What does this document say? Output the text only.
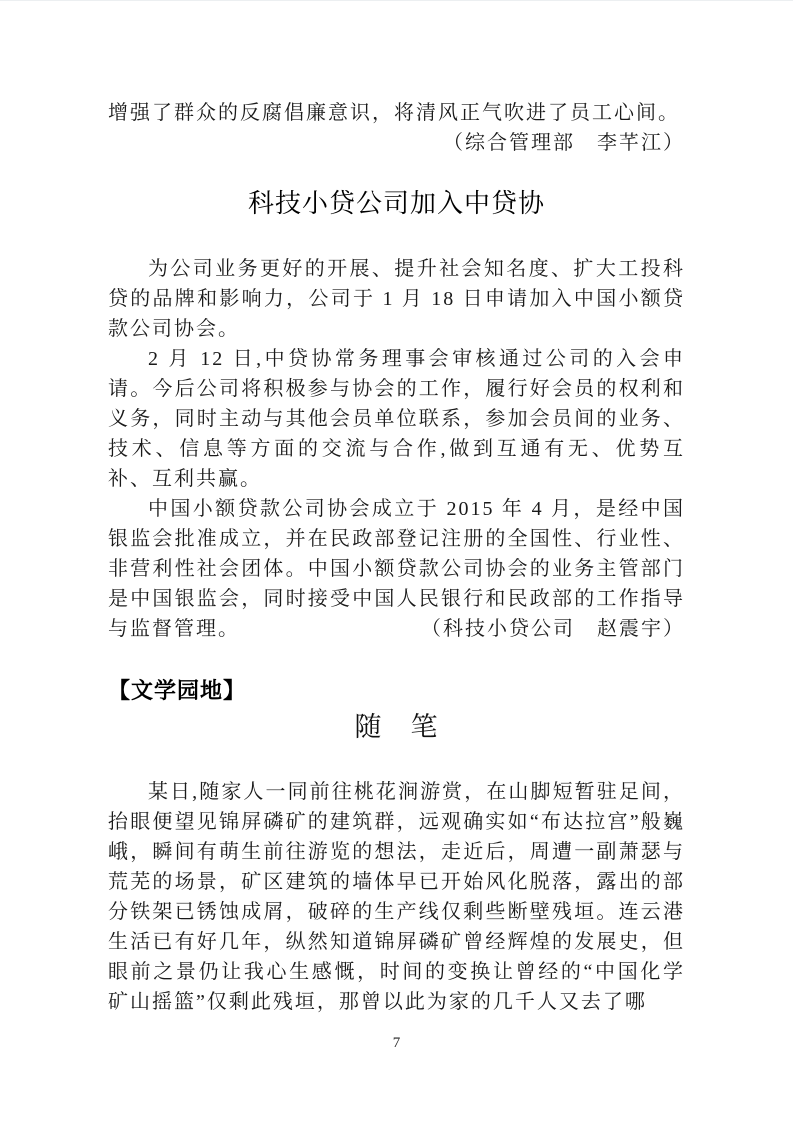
增强了群众的反腐倡廉意识，将清风正气吹进了员工心间。

（综合管理部　李芊江）

科技小贷公司加入中贷协

为公司业务更好的开展、提升社会知名度、扩大工投科贷的品牌和影响力，公司于 1 月 18 日申请加入中国小额贷款公司协会。

2 月 12 日,中贷协常务理事会审核通过公司的入会申请。今后公司将积极参与协会的工作，履行好会员的权利和义务，同时主动与其他会员单位联系，参加会员间的业务、技术、信息等方面的交流与合作,做到互通有无、优势互补、互利共赢。

中国小额贷款公司协会成立于 2015 年 4 月，是经中国银监会批准成立，并在民政部登记注册的全国性、行业性、非营利性社会团体。中国小额贷款公司协会的业务主管部门是中国银监会，同时接受中国人民银行和民政部的工作指导与监督管理。	（科技小贷公司　赵震宇）

【文学园地】
随　笔

某日,随家人一同前往桃花涧游赏，在山脚短暂驻足间，抬眼便望见锦屏磷矿的建筑群，远观确实如“布达拉宫”般巍峨，瞬间有萌生前往游览的想法，走近后，周遭一副萧瑟与荒芜的场景，矿区建筑的墙体早已开始风化脱落，露出的部分铁架已锈蚀成屑，破碎的生产线仅剩些断壁残垣。连云港生活已有好几年，纵然知道锦屏磷矿曾经辉煌的发展史，但眼前之景仍让我心生感慨，时间的变换让曾经的“中国化学矿山摇篮”仅剩此残垣，那曾以此为家的几千人又去了哪

7
